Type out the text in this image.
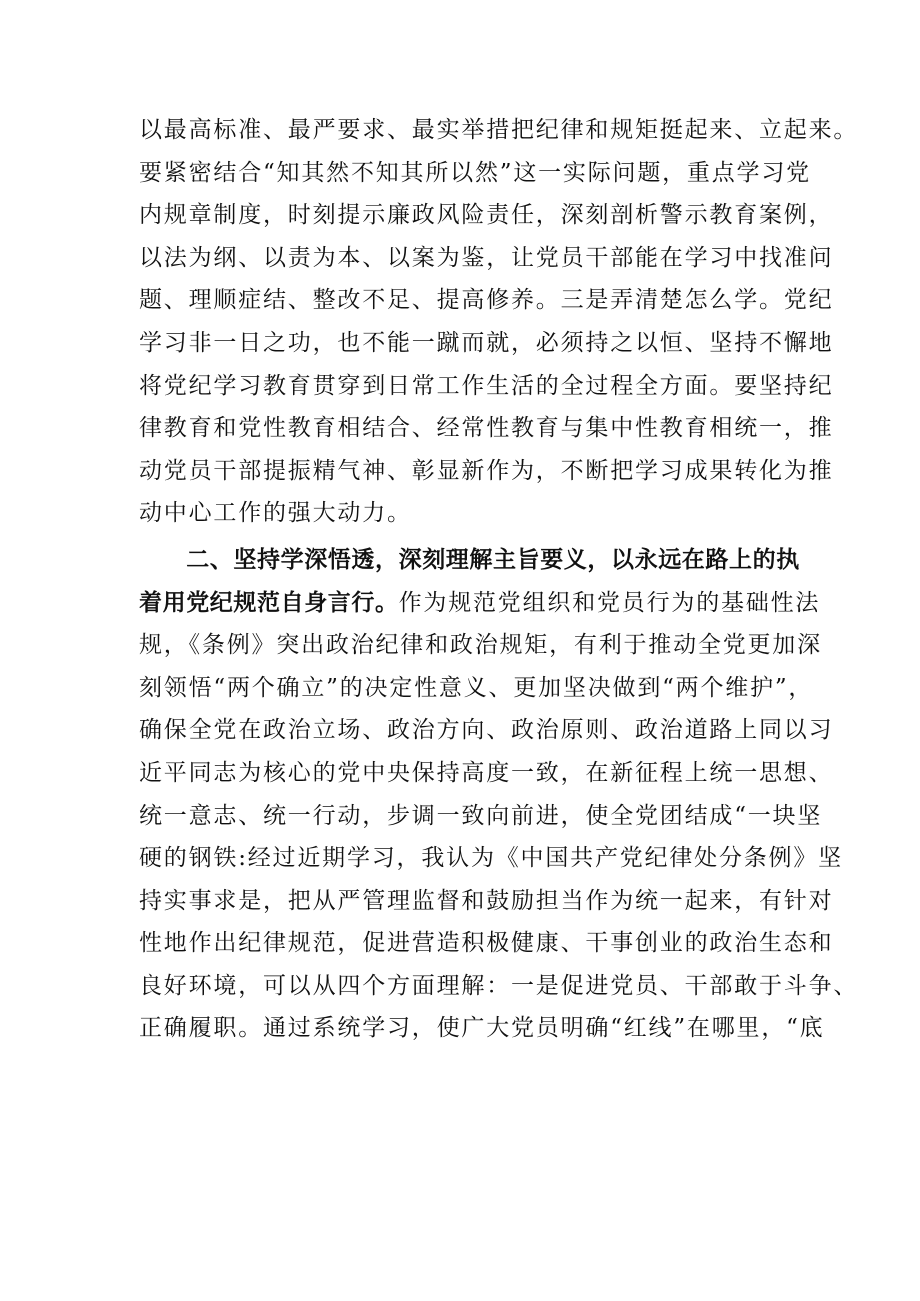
以最高标准、最严要求、最实举措把纪律和规矩挺起来、立起来。
要紧密结合“知其然不知其所以然”这一实际问题，重点学习党
内规章制度，时刻提示廉政风险责任，深刻剖析警示教育案例，
以法为纲、以责为本、以案为鉴，让党员干部能在学习中找准问
题、理顺症结、整改不足、提高修养。三是弄清楚怎么学。党纪
学习非一日之功，也不能一蹴而就，必须持之以恒、坚持不懈地
将党纪学习教育贯穿到日常工作生活的全过程全方面。要坚持纪
律教育和党性教育相结合、经常性教育与集中性教育相统一，推
动党员干部提振精气神、彰显新作为，不断把学习成果转化为推
动中心工作的强大动力。
　　二、坚持学深悟透，深刻理解主旨要义，以永远在路上的执
着用党纪规范自身言行。作为规范党组织和党员行为的基础性法
规，《条例》突出政治纪律和政治规矩，有利于推动全党更加深
刻领悟“两个确立”的决定性意义、更加坚决做到“两个维护”，
确保全党在政治立场、政治方向、政治原则、政治道路上同以习
近平同志为核心的党中央保持高度一致，在新征程上统一思想、
统一意志、统一行动，步调一致向前进，使全党团结成“一块坚
硬的钢铁:经过近期学习，我认为《中国共产党纪律处分条例》坚
持实事求是，把从严管理监督和鼓励担当作为统一起来，有针对
性地作出纪律规范，促进营造积极健康、干事创业的政治生态和
良好环境，可以从四个方面理解：一是促进党员、干部敢于斗争、
正确履职。通过系统学习，使广大党员明确“红线”在哪里，“底
